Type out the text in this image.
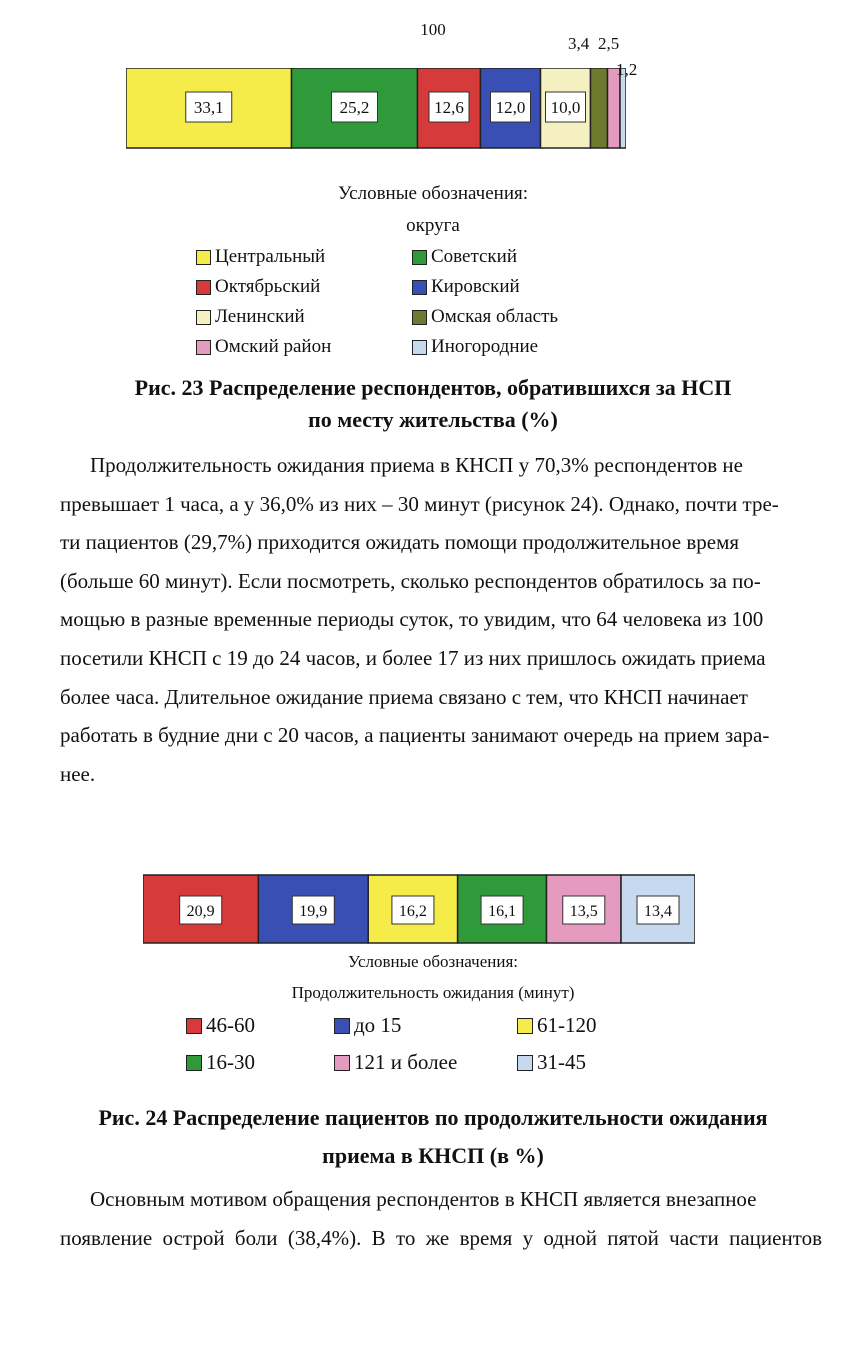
100
33,1	25,2	12,6 12,0 10,0
Условные обозначения:
округа
Центральный	Советский
Октябрьский	Кировский
Ленинский	Омская область
Омский район	Иногородние
Рис. 23 Распределение респондентов, обратившихся за НСП
по месту жительства (%)
Продолжительность ожидания приема в КНСП у 70,3% респондентов не
превышает 1 часа, а у 36,0% из них – 30 минут (рисунок 24). Однако, почти тре-
ти пациентов (29,7%) приходится ожидать помощи продолжительное время
(больше 60 минут). Если посмотреть, сколько респондентов обратилось за по-
мощью в разные временные периоды суток, то увидим, что 64 человека из 100
посетили КНСП с 19 до 24 часов, и более 17 из них пришлось ожидать приема
более часа. Длительное ожидание приема связано с тем, что КНСП начинает
работать в будние дни с 20 часов, а пациенты занимают очередь на прием зара-
нее.
20,9	19,9	16,2	16,1	13,5	13,4
Условные обозначения:
Продолжительность ожидания (минут)
46-60	до 15	61-120
16-30	121 и более	31-45
Рис. 24 Распределение пациентов по продолжительности ожидания
приема в КНСП (в %)
Основным мотивом обращения респондентов в КНСП является внезапное
появление острой боли (38,4%). В то же время у одной пятой части пациентов
3,4 2,5
1,2
